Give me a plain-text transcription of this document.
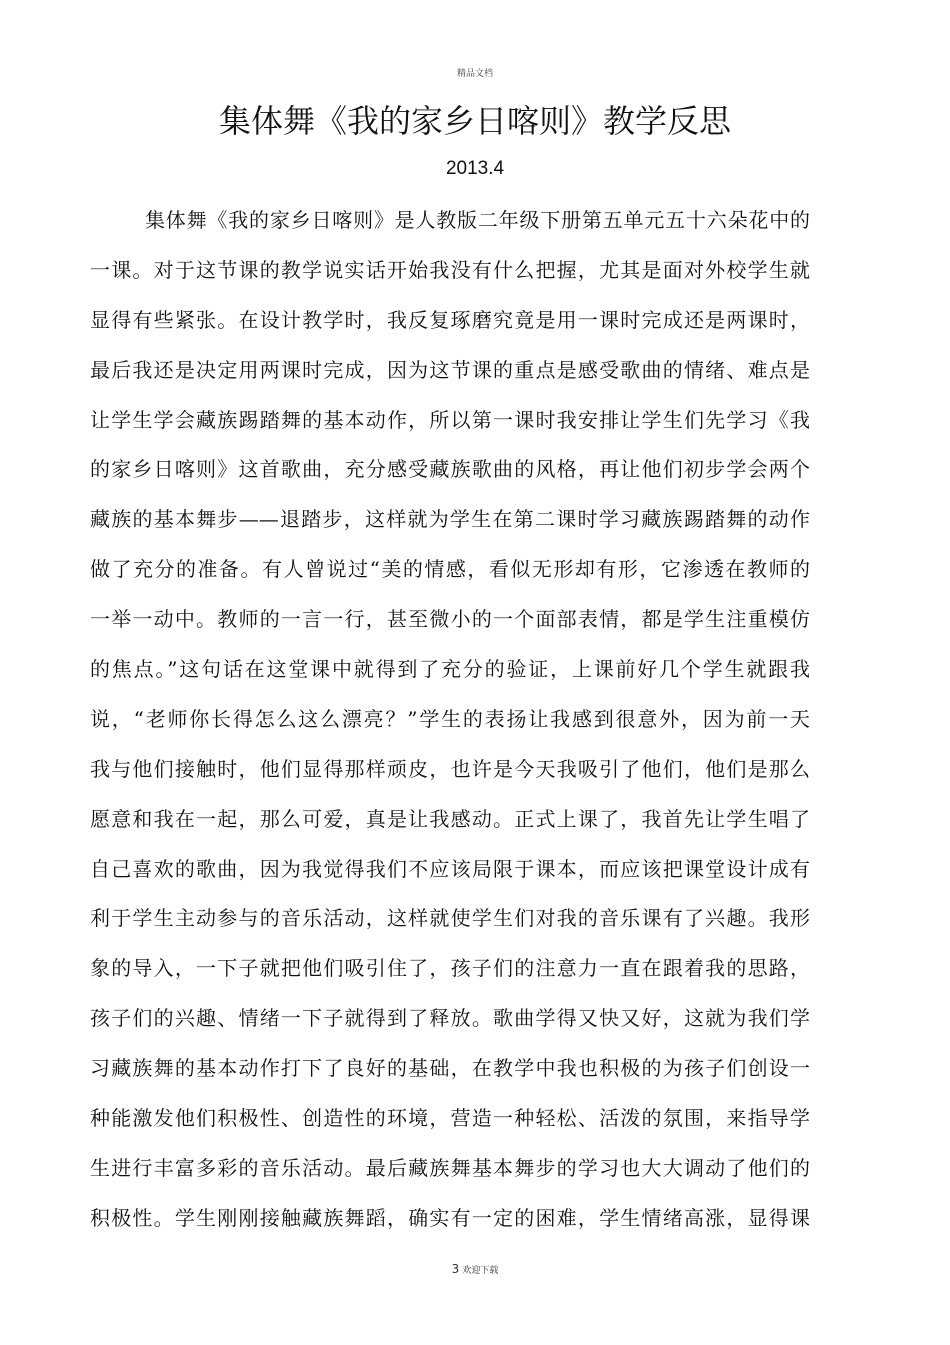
精品文档
集体舞《我的家乡日喀则》教学反思
2013.4
集体舞《我的家乡日喀则》是人教版二年级下册第五单元五十六朵花中的
一课。对于这节课的教学说实话开始我没有什么把握，尤其是面对外校学生就
显得有些紧张。在设计教学时，我反复琢磨究竟是用一课时完成还是两课时，
最后我还是决定用两课时完成，因为这节课的重点是感受歌曲的情绪、难点是
让学生学会藏族踢踏舞的基本动作，所以第一课时我安排让学生们先学习《我
的家乡日喀则》这首歌曲，充分感受藏族歌曲的风格，再让他们初步学会两个
藏族的基本舞步——退踏步，这样就为学生在第二课时学习藏族踢踏舞的动作
做了充分的准备。有人曾说过“美的情感，看似无形却有形，它渗透在教师的
一举一动中。教师的一言一行，甚至微小的一个面部表情，都是学生注重模仿
的焦点。”这句话在这堂课中就得到了充分的验证，上课前好几个学生就跟我
说，“老师你长得怎么这么漂亮？”学生的表扬让我感到很意外，因为前一天
我与他们接触时，他们显得那样顽皮，也许是今天我吸引了他们，他们是那么
愿意和我在一起，那么可爱，真是让我感动。正式上课了，我首先让学生唱了
自己喜欢的歌曲，因为我觉得我们不应该局限于课本，而应该把课堂设计成有
利于学生主动参与的音乐活动，这样就使学生们对我的音乐课有了兴趣。我形
象的导入，一下子就把他们吸引住了，孩子们的注意力一直在跟着我的思路，
孩子们的兴趣、情绪一下子就得到了释放。歌曲学得又快又好，这就为我们学
习藏族舞的基本动作打下了良好的基础，在教学中我也积极的为孩子们创设一
种能激发他们积极性、创造性的环境，营造一种轻松、活泼的氛围，来指导学
生进行丰富多彩的音乐活动。最后藏族舞基本舞步的学习也大大调动了他们的
积极性。学生刚刚接触藏族舞蹈，确实有一定的困难，学生情绪高涨，显得课
3 欢迎下载
